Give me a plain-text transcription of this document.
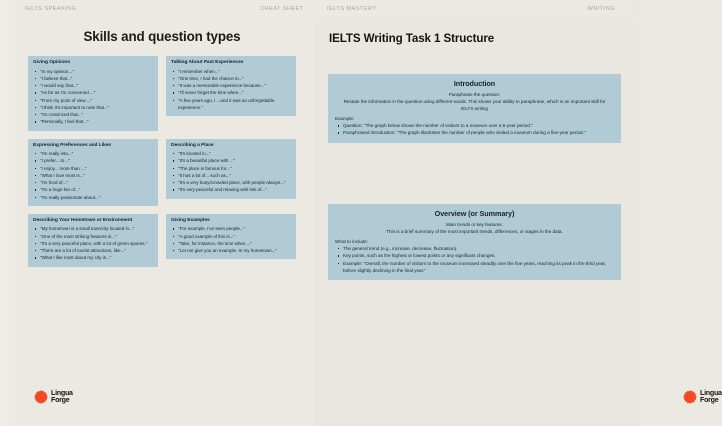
IELTS SPEAKING	CHEAT SHEET	IELTS MASTERY	WRITING
Skills and question types
Giving Opinions
"In my opinion..."
"I believe that..."
"I would say that..."
"As far as I'm concerned ..."
"From my point of view ..."
"I think it's important to note that..."
"I'm convinced that..."
"Personally, I feel that..."
Talking About Past Experiences
"I remember when..."
"One time, I had the chance to..."
"It was a memorable experience because..."
"I'll never forget the time when..."
"A few years ago, I ...and it was an unforgettable experience."
Expressing Preferences and Likes
"I'm really into..."
"I prefer... to..."
"I enjoy... more than ..."
"What I love most is..."
"I'm fond of..."
"I'm a huge fan of..."
"I'm really passionate about..."
Describing a Place
"It's located in..."
"It's a beautiful place with ..."
"The place is famous for..."
"It has a lot of... such as..."
"It's a very busy/crowded place, with people always..."
"It's very peaceful and relaxing with lots of..."
Describing Your Hometown or Environment
"My hometown is a small town/city located in..."
"One of the most striking features is..."
"It's a very peaceful place, with a lot of green spaces."
"There are a lot of tourist attractions, like..."
"What I like most about my city is..."
Giving Examples
"For example, I've seen people..."
"A good example of this is..."
"Take, for instance, the time when ..."
"Let me give you an example. In my hometown..."
Lingua
Forge
IELTS Writing Task 1 Structure
Introduction
Paraphrase the question:
Restate the information in the question using different words. This shows your ability to paraphrase, which is an important skill for IELTS writing
Example:
Question: "The graph below shows the number of visitors to a museum over a 5-year period."
Paraphrased introduction: "The graph illustrates the number of people who visited a museum during a five-year period."
Overview (or Summary)
Main trends or key features.
This is a brief summary of the most important trends, differences, or stages in the data.
What to include:
The general trend (e.g., increase, decrease, fluctuation).
Key points, such as the highest or lowest points or any significant changes.
Example: "Overall, the number of visitors to the museum increased steadily over the five years, reaching its peak in the third year, before slightly declining in the final year."
Lingua
Forge
